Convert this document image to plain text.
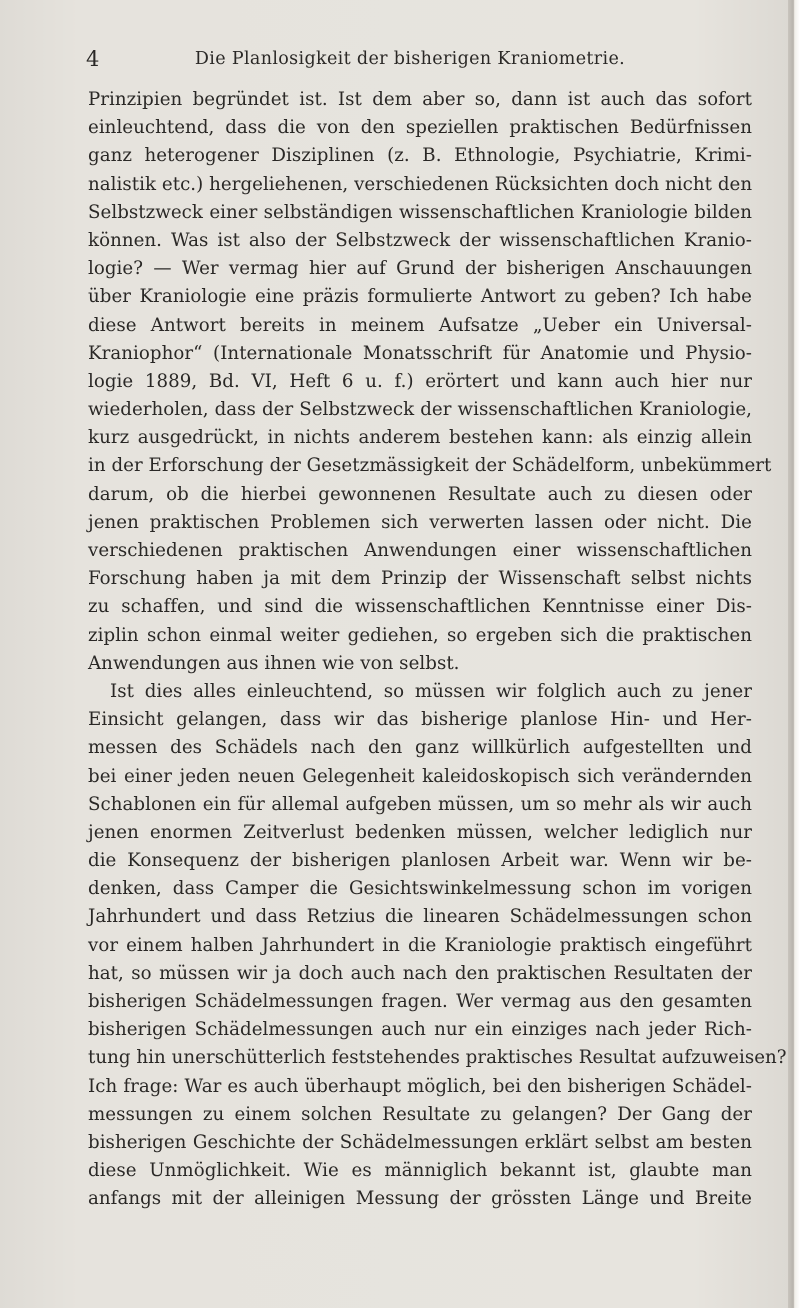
4	Die Planlosigkeit der bisherigen Kraniometrie.
Prinzipien begründet ist. Ist dem aber so, dann ist auch das sofort
einleuchtend, dass die von den speziellen praktischen Bedürfnissen
ganz heterogener Disziplinen (z. B. Ethnologie, Psychiatrie, Krimi-
nalistik etc.) hergeliehenen, verschiedenen Rücksichten doch nicht den
Selbstzweck einer selbständigen wissenschaftlichen Kraniologie bilden
können. Was ist also der Selbstzweck der wissenschaftlichen Kranio-
logie? — Wer vermag hier auf Grund der bisherigen Anschauungen
über Kraniologie eine präzis formulierte Antwort zu geben? Ich habe
diese Antwort bereits in meinem Aufsatze „Ueber ein Universal-
Kraniophor“ (Internationale Monatsschrift für Anatomie und Physio-
logie 1889, Bd. VI, Heft 6 u. f.) erörtert und kann auch hier nur
wiederholen, dass der Selbstzweck der wissenschaftlichen Kraniologie,
kurz ausgedrückt, in nichts anderem bestehen kann: als einzig allein
in der Erforschung der Gesetzmässigkeit der Schädelform, unbekümmert
darum, ob die hierbei gewonnenen Resultate auch zu diesen oder
jenen praktischen Problemen sich verwerten lassen oder nicht. Die
verschiedenen praktischen Anwendungen einer wissenschaftlichen
Forschung haben ja mit dem Prinzip der Wissenschaft selbst nichts
zu schaffen, und sind die wissenschaftlichen Kenntnisse einer Dis-
ziplin schon einmal weiter gediehen, so ergeben sich die praktischen
Anwendungen aus ihnen wie von selbst.
Ist dies alles einleuchtend, so müssen wir folglich auch zu jener
Einsicht gelangen, dass wir das bisherige planlose Hin- und Her-
messen des Schädels nach den ganz willkürlich aufgestellten und
bei einer jeden neuen Gelegenheit kaleidoskopisch sich verändernden
Schablonen ein für allemal aufgeben müssen, um so mehr als wir auch
jenen enormen Zeitverlust bedenken müssen, welcher lediglich nur
die Konsequenz der bisherigen planlosen Arbeit war. Wenn wir be-
denken, dass Camper die Gesichtswinkelmessung schon im vorigen
Jahrhundert und dass Retzius die linearen Schädelmessungen schon
vor einem halben Jahrhundert in die Kraniologie praktisch eingeführt
hat, so müssen wir ja doch auch nach den praktischen Resultaten der
bisherigen Schädelmessungen fragen. Wer vermag aus den gesamten
bisherigen Schädelmessungen auch nur ein einziges nach jeder Rich-
tung hin unerschütterlich feststehendes praktisches Resultat aufzuweisen?
Ich frage: War es auch überhaupt möglich, bei den bisherigen Schädel-
messungen zu einem solchen Resultate zu gelangen? Der Gang der
bisherigen Geschichte der Schädelmessungen erklärt selbst am besten
diese Unmöglichkeit. Wie es männiglich bekannt ist, glaubte man
anfangs mit der alleinigen Messung der grössten Länge und Breite
